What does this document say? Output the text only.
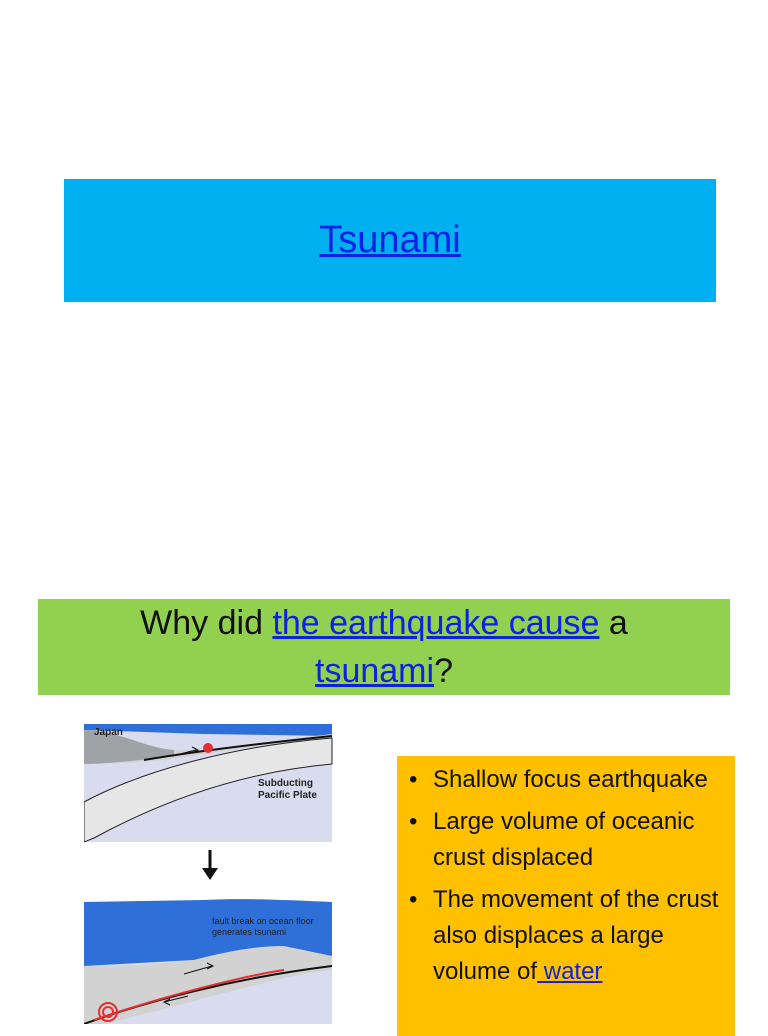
Tsunami
Why did the earthquake cause a
tsunami?
Japan
Subducting
Pacific Plate
fault break on ocean floor
generates tsunami
• Shallow focus earthquake
• Large volume of oceanic crust displaced
• The movement of the crust also displaces a large volume of water
